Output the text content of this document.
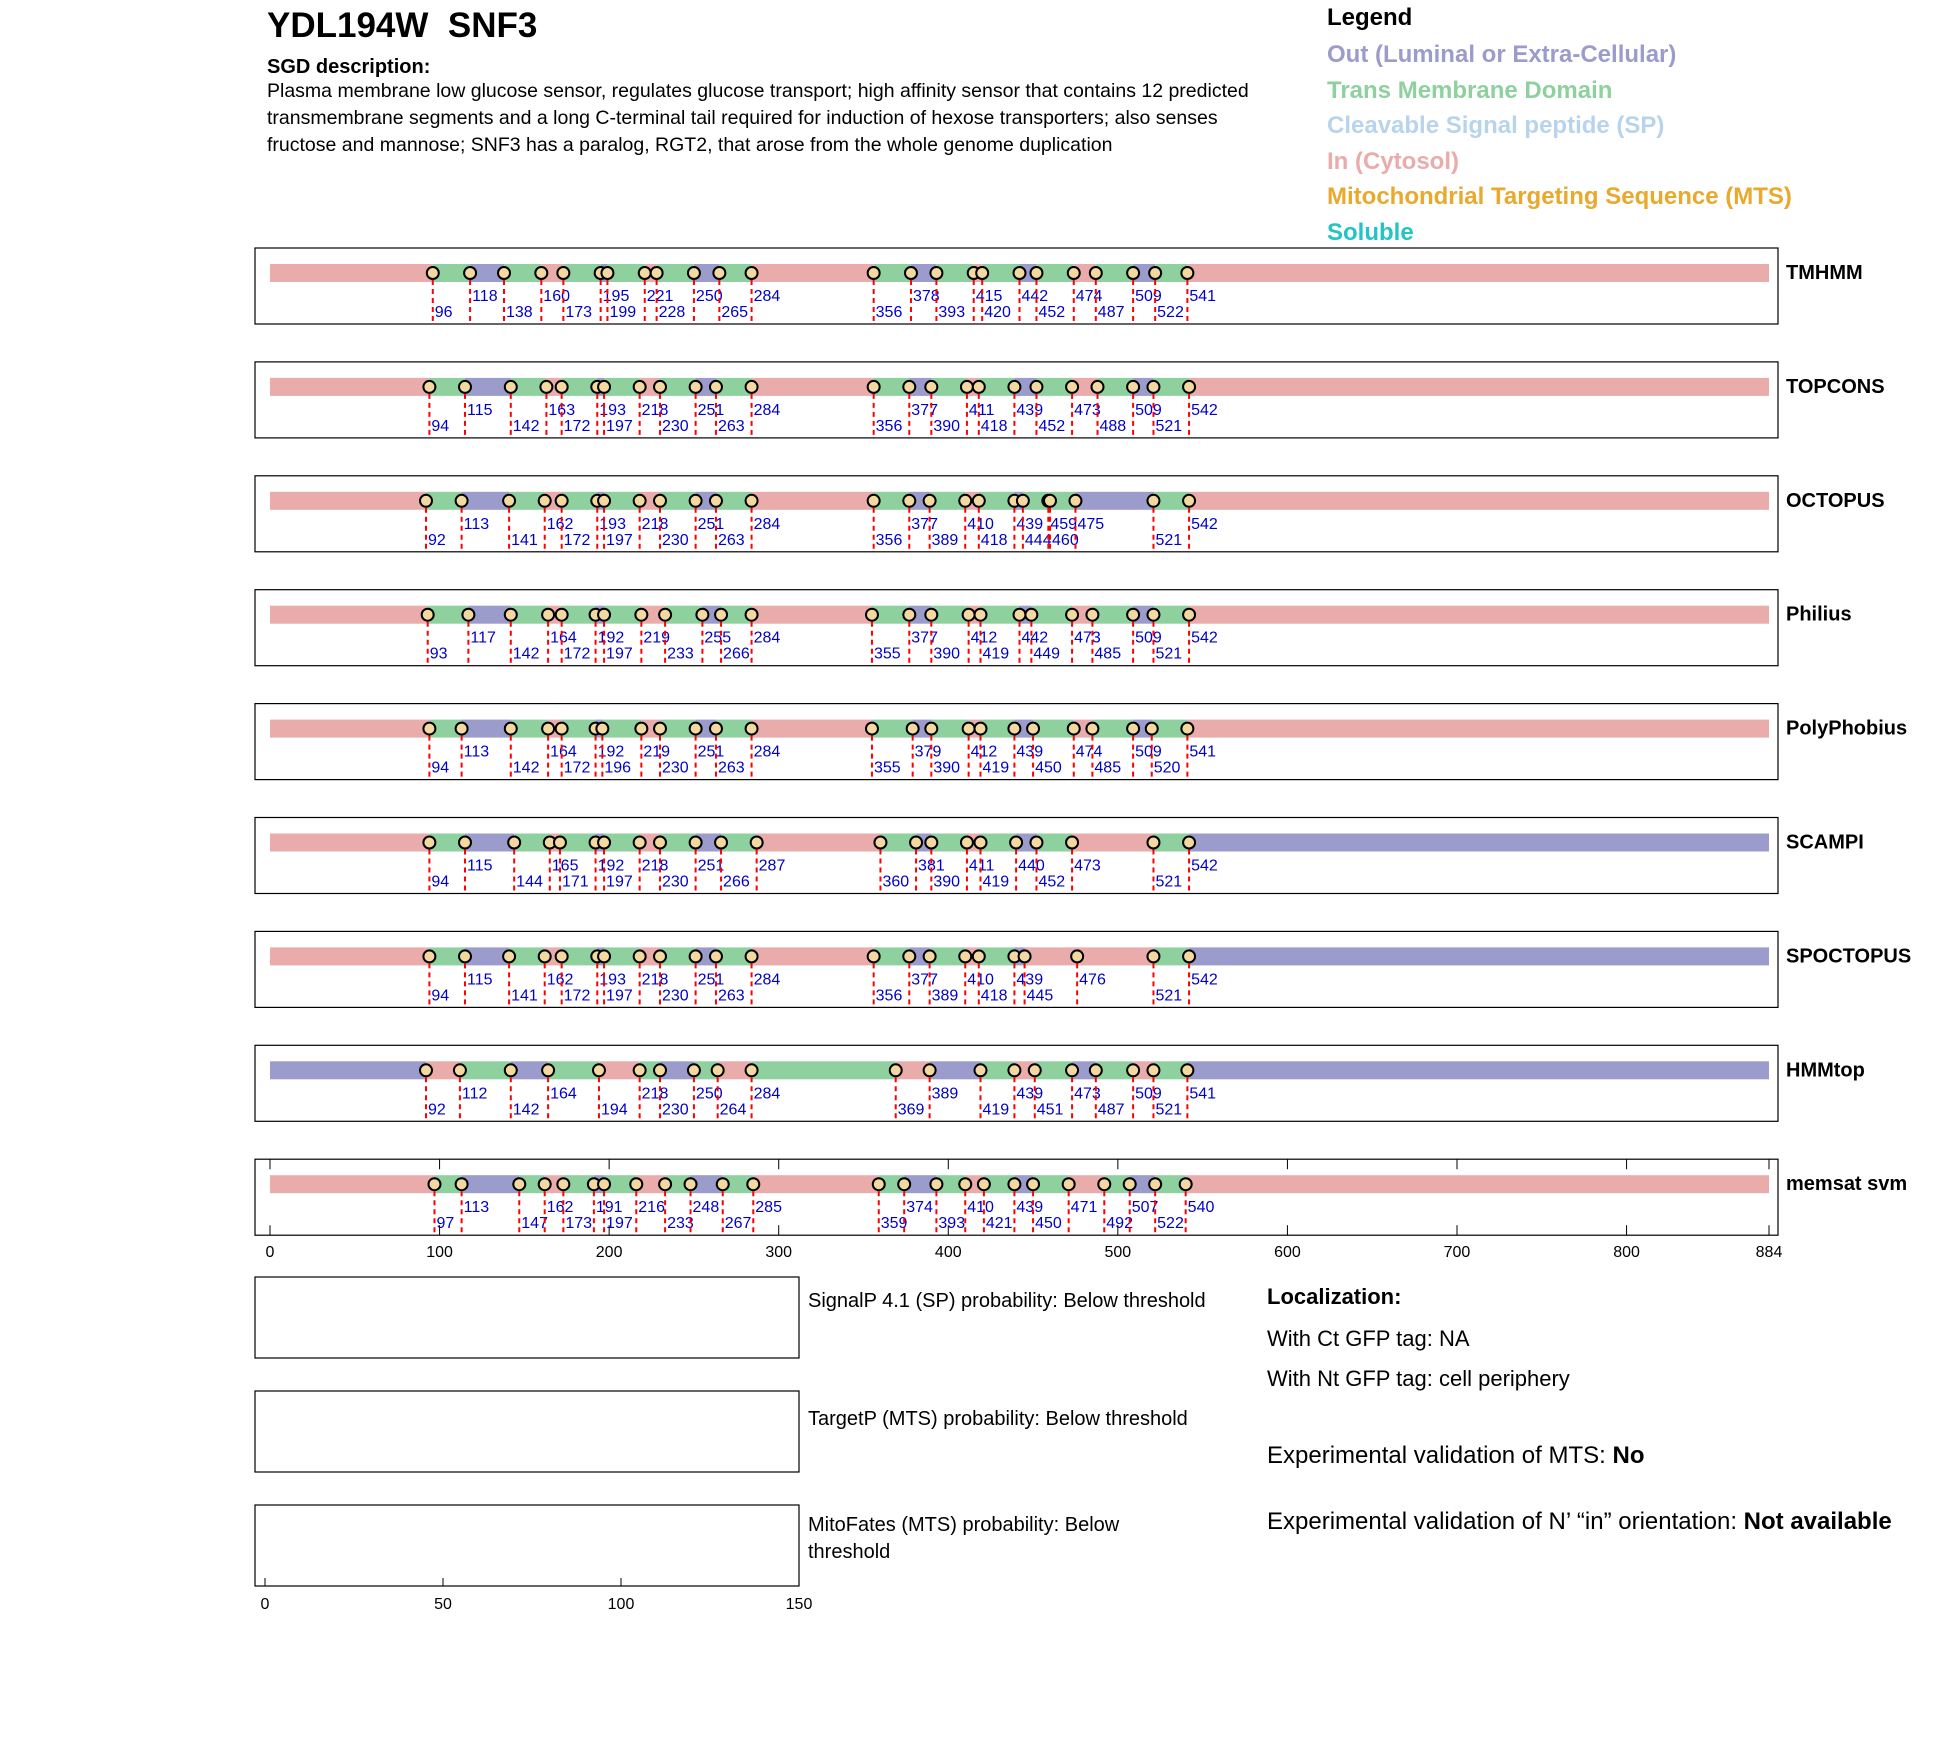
YDL194W SNF3
SGD description:
Plasma membrane low glucose sensor, regulates glucose transport; high affinity sensor that contains 12 predicted transmembrane segments and a long C-terminal tail required for induction of hexose transporters; also senses fructose and mannose; SNF3 has a paralog, RGT2, that arose from the whole genome duplication
Legend
Out (Luminal or Extra-Cellular)
Trans Membrane Domain
Cleavable Signal peptide (SP)
In (Cytosol)
Mitochondrial Targeting Sequence (MTS)
Soluble
96
118
138
160
173
195
199
221
228
250
265
284
356
378
393
415
420
442
452
474
487
509
522
541
TMHMM
94
115
142
163
172
193
197
218
230
251
263
284
356
377
390
411
418
439
452
473
488
509
521
542
TOPCONS
92
113
141
162
172
193
197
218
230
251
263
284
356
377
389
410
418
439
444
459
460
475
521
542
OCTOPUS
93
117
142
164
172
192
197
219
233
255
266
284
355
377
390
412
419
442
449
473
485
509
521
542
Philius
94
113
142
164
172
192
196
219
230
251
263
284
355
379
390
412
419
439
450
474
485
509
520
541
PolyPhobius
94
115
144
165
171
192
197
218
230
251
266
287
360
381
390
411
419
440
452
473
521
542
SCAMPI
94
115
141
162
172
193
197
218
230
251
263
284
356
377
389
410
418
439
445
476
521
542
SPOCTOPUS
92
112
142
164
194
218
230
250
264
284
369
389
419
439
451
473
487
509
521
541
HMMtop
97
113
147
162
173
191
197
216
233
248
267
285
359
374
393
410
421
439
450
471
492
507
522
540
memsat svm
0	100	200	300	400	500	600	700	800	884
0	50	100	150
SignalP 4.1 (SP) probability: Below threshold
TargetP (MTS) probability: Below threshold
MitoFates (MTS) probability: Below threshold
Localization:
With Ct GFP tag: NA
With Nt GFP tag: cell periphery
Experimental validation of MTS: No
Experimental validation of N’ “in” orientation: Not available
